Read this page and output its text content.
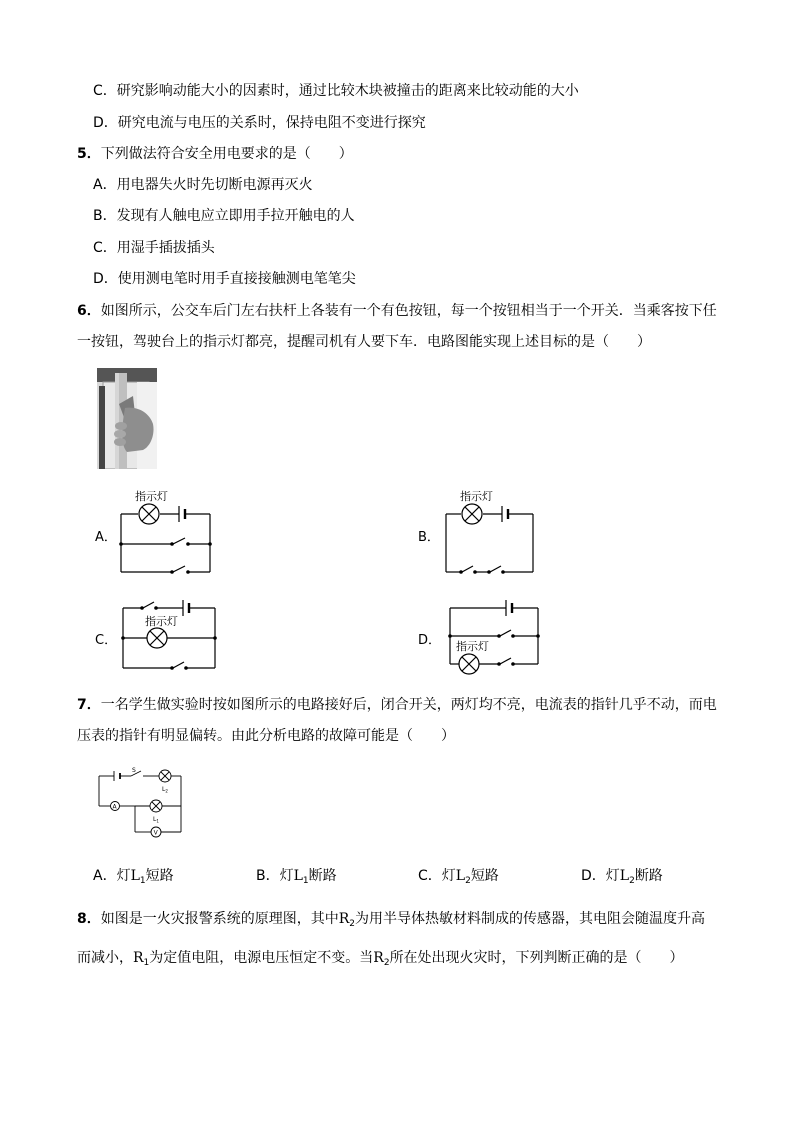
C．研究影响动能大小的因素时，通过比较木块被撞击的距离来比较动能的大小
D．研究电流与电压的关系时，保持电阻不变进行探究
5．下列做法符合安全用电要求的是（　　）
A．用电器失火时先切断电源再灭火
B．发现有人触电应立即用手拉开触电的人
C．用湿手插拔插头
D．使用测电笔时用手直接接触测电笔笔尖
6．如图所示，公交车后门左右扶杆上各装有一个有色按钮，每一个按钮相当于一个开关．当乘客按下任
一按钮，驾驶台上的指示灯都亮，提醒司机有人要下车．电路图能实现上述目标的是（　　）
A．
指示灯
B．
指示灯
C．
指示灯
D． 指示灯
7．一名学生做实验时按如图所示的电路接好后，闭合开关，两灯均不亮，电流表的指针几乎不动，而电
压表的指针有明显偏转。由此分析电路的故障可能是（　　）
S
A
V
$L_2$
$L_1$
A．灯$L_1$短路	B．灯$L_1$断路	C．灯$L_2$短路	D．灯$L_2$断路
8．如图是一火灾报警系统的原理图，其中$R_2$为用半导体热敏材料制成的传感器，其电阻会随温度升高
而减小，$R_1$为定值电阻，电源电压恒定不变。当$R_2$所在处出现火灾时，下列判断正确的是（　　）
